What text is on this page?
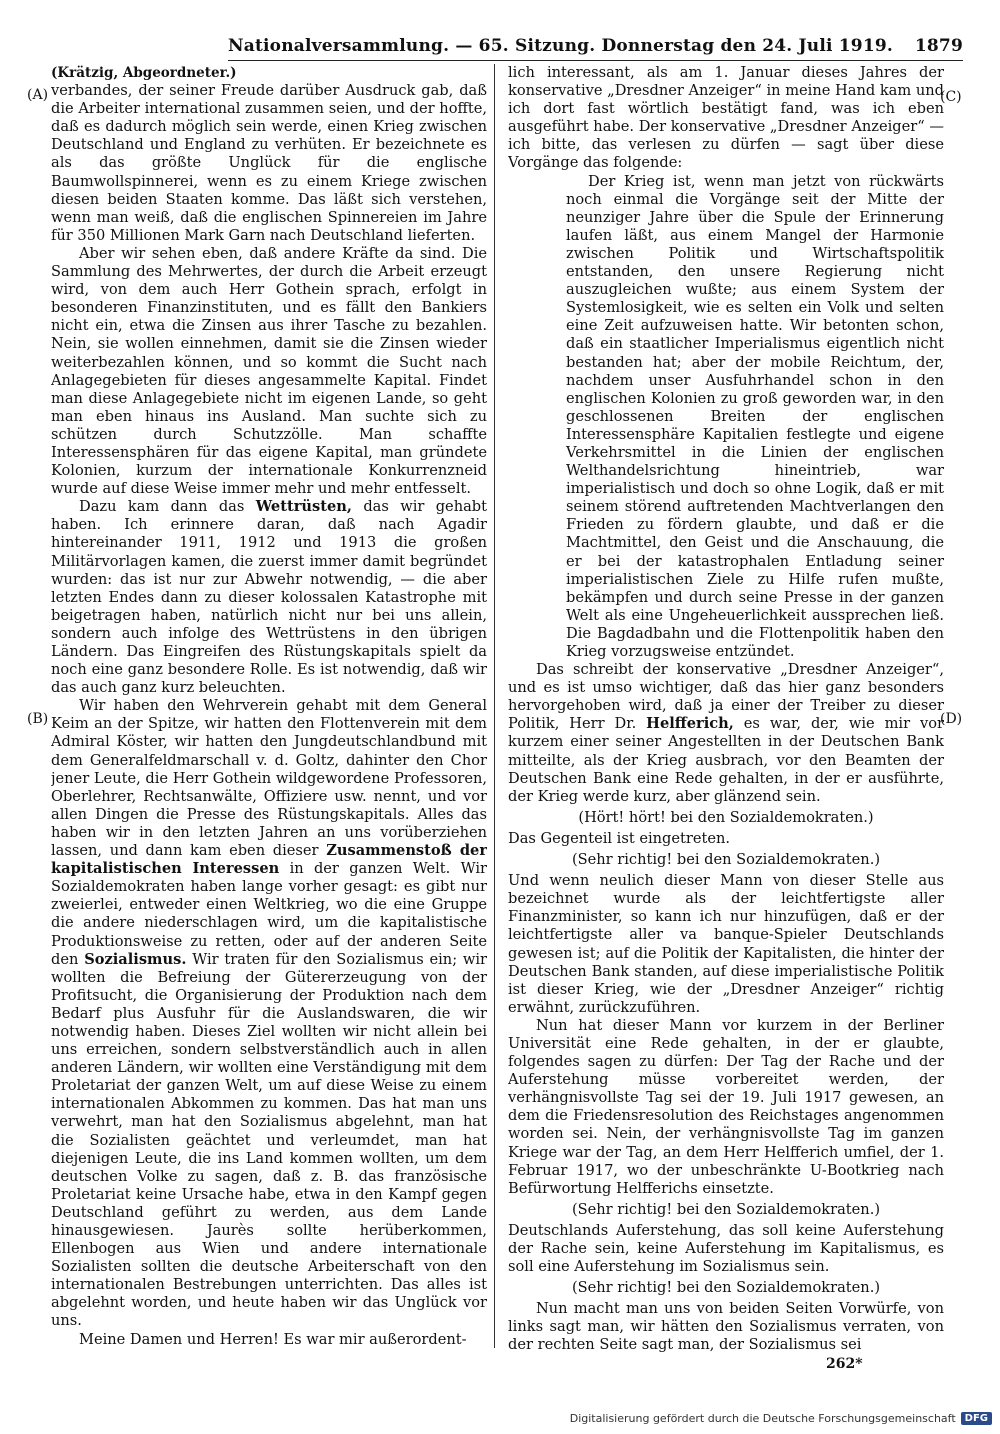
Nationalversammlung. — 65. Sitzung. Donnerstag den 24. Juli 1919. 1879
(A)
(B)
(C)
(D)

(Krätzig, Abgeordneter.)

verbandes, der seiner Freude darüber Ausdruck gab, daß die Arbeiter international zusammen seien, und der hoffte, daß es dadurch möglich sein werde, einen Krieg zwischen Deutschland und England zu verhüten. Er bezeichnete es als das größte Unglück für die englische Baumwollspinnerei, wenn es zu einem Kriege zwischen diesen beiden Staaten komme. Das läßt sich verstehen, wenn man weiß, daß die englischen Spinnereien im Jahre für 350 Millionen Mark Garn nach Deutschland lieferten.

Aber wir sehen eben, daß andere Kräfte da sind. Die Sammlung des Mehrwertes, der durch die Arbeit erzeugt wird, von dem auch Herr Gothein sprach, erfolgt in besonderen Finanzinstituten, und es fällt den Bankiers nicht ein, etwa die Zinsen aus ihrer Tasche zu bezahlen. Nein, sie wollen einnehmen, damit sie die Zinsen wieder weiterbezahlen können, und so kommt die Sucht nach Anlagegebieten für dieses angesammelte Kapital. Findet man diese Anlagegebiete nicht im eigenen Lande, so geht man eben hinaus ins Ausland. Man suchte sich zu schützen durch Schutzzölle. Man schaffte Interessensphären für das eigene Kapital, man gründete Kolonien, kurzum der internationale Konkurrenzneid wurde auf diese Weise immer mehr und mehr entfesselt.

Dazu kam dann das Wettrüsten, das wir gehabt haben. Ich erinnere daran, daß nach Agadir hintereinander 1911, 1912 und 1913 die großen Militärvorlagen kamen, die zuerst immer damit begründet wurden: das ist nur zur Abwehr notwendig, — die aber letzten Endes dann zu dieser kolossalen Katastrophe mit beigetragen haben, natürlich nicht nur bei uns allein, sondern auch infolge des Wettrüstens in den übrigen Ländern. Das Eingreifen des Rüstungskapitals spielt da noch eine ganz besondere Rolle. Es ist notwendig, daß wir das auch ganz kurz beleuchten.

Wir haben den Wehrverein gehabt mit dem General Keim an der Spitze, wir hatten den Flottenverein mit dem Admiral Köster, wir hatten den Jungdeutschlandbund mit dem Generalfeldmarschall v. d. Goltz, dahinter den Chor jener Leute, die Herr Gothein wildgewordene Professoren, Oberlehrer, Rechtsanwälte, Offiziere usw. nennt, und vor allen Dingen die Presse des Rüstungskapitals. Alles das haben wir in den letzten Jahren an uns vorüberziehen lassen, und dann kam eben dieser Zusammenstoß der kapitalistischen Interessen in der ganzen Welt. Wir Sozialdemokraten haben lange vorher gesagt: es gibt nur zweierlei, entweder einen Weltkrieg, wo die eine Gruppe die andere niederschlagen wird, um die kapitalistische Produktionsweise zu retten, oder auf der anderen Seite den Sozialismus. Wir traten für den Sozialismus ein; wir wollten die Befreiung der Gütererzeugung von der Profitsucht, die Organisierung der Produktion nach dem Bedarf plus Ausfuhr für die Auslandswaren, die wir notwendig haben. Dieses Ziel wollten wir nicht allein bei uns erreichen, sondern selbstverständlich auch in allen anderen Ländern, wir wollten eine Verständigung mit dem Proletariat der ganzen Welt, um auf diese Weise zu einem internationalen Abkommen zu kommen. Das hat man uns verwehrt, man hat den Sozialismus abgelehnt, man hat die Sozialisten geächtet und verleumdet, man hat diejenigen Leute, die ins Land kommen wollten, um dem deutschen Volke zu sagen, daß z. B. das französische Proletariat keine Ursache habe, etwa in den Kampf gegen Deutschland geführt zu werden, aus dem Lande hinausgewiesen. Jaurès sollte herüberkommen, Ellenbogen aus Wien und andere internationale Sozialisten sollten die deutsche Arbeiterschaft von den internationalen Bestrebungen unterrichten. Das alles ist abgelehnt worden, und heute haben wir das Unglück vor uns.

Meine Damen und Herren! Es war mir außerordent-

lich interessant, als am 1. Januar dieses Jahres der konservative „Dresdner Anzeiger“ in meine Hand kam und ich dort fast wörtlich bestätigt fand, was ich eben ausgeführt habe. Der konservative „Dresdner Anzeiger“ — ich bitte, das verlesen zu dürfen — sagt über diese Vorgänge das folgende:

Der Krieg ist, wenn man jetzt von rückwärts noch einmal die Vorgänge seit der Mitte der neunziger Jahre über die Spule der Erinnerung laufen läßt, aus einem Mangel der Harmonie zwischen Politik und Wirtschaftspolitik entstanden, den unsere Regierung nicht auszugleichen wußte; aus einem System der Systemlosigkeit, wie es selten ein Volk und selten eine Zeit aufzuweisen hatte. Wir betonten schon, daß ein staatlicher Imperialismus eigentlich nicht bestanden hat; aber der mobile Reichtum, der, nachdem unser Ausfuhrhandel schon in den englischen Kolonien zu groß geworden war, in den geschlossenen Breiten der englischen Interessensphäre Kapitalien festlegte und eigene Verkehrsmittel in die Linien der englischen Welthandelsrichtung hineintrieb, war imperialistisch und doch so ohne Logik, daß er mit seinem störend auftretenden Machtverlangen den Frieden zu fördern glaubte, und daß er die Machtmittel, den Geist und die Anschauung, die er bei der katastrophalen Entladung seiner imperialistischen Ziele zu Hilfe rufen mußte, bekämpfen und durch seine Presse in der ganzen Welt als eine Ungeheuerlichkeit aussprechen ließ. Die Bagdadbahn und die Flottenpolitik haben den Krieg vorzugsweise entzündet.

Das schreibt der konservative „Dresdner Anzeiger“, und es ist umso wichtiger, daß das hier ganz besonders hervorgehoben wird, daß ja einer der Treiber zu dieser Politik, Herr Dr. Helfferich, es war, der, wie mir vor kurzem einer seiner Angestellten in der Deutschen Bank mitteilte, als der Krieg ausbrach, vor den Beamten der Deutschen Bank eine Rede gehalten, in der er ausführte, der Krieg werde kurz, aber glänzend sein.

(Hört! hört! bei den Sozialdemokraten.)

Das Gegenteil ist eingetreten.

(Sehr richtig! bei den Sozialdemokraten.)

Und wenn neulich dieser Mann von dieser Stelle aus bezeichnet wurde als der leichtfertigste aller Finanzminister, so kann ich nur hinzufügen, daß er der leichtfertigste aller va banque-Spieler Deutschlands gewesen ist; auf die Politik der Kapitalisten, die hinter der Deutschen Bank standen, auf diese imperialistische Politik ist dieser Krieg, wie der „Dresdner Anzeiger“ richtig erwähnt, zurückzuführen.

Nun hat dieser Mann vor kurzem in der Berliner Universität eine Rede gehalten, in der er glaubte, folgendes sagen zu dürfen: Der Tag der Rache und der Auferstehung müsse vorbereitet werden, der verhängnisvollste Tag sei der 19. Juli 1917 gewesen, an dem die Friedensresolution des Reichstages angenommen worden sei. Nein, der verhängnisvollste Tag im ganzen Kriege war der Tag, an dem Herr Helfferich umfiel, der 1. Februar 1917, wo der unbeschränkte U-Bootkrieg nach Befürwortung Helfferichs einsetzte.

(Sehr richtig! bei den Sozialdemokraten.)

Deutschlands Auferstehung, das soll keine Auferstehung der Rache sein, keine Auferstehung im Kapitalismus, es soll eine Auferstehung im Sozialismus sein.

(Sehr richtig! bei den Sozialdemokraten.)

Nun macht man uns von beiden Seiten Vorwürfe, von links sagt man, wir hätten den Sozialismus verraten, von der rechten Seite sagt man, der Sozialismus sei

262*
Digitalisierung gefördert durch die Deutsche Forschungsgemeinschaft DFG
